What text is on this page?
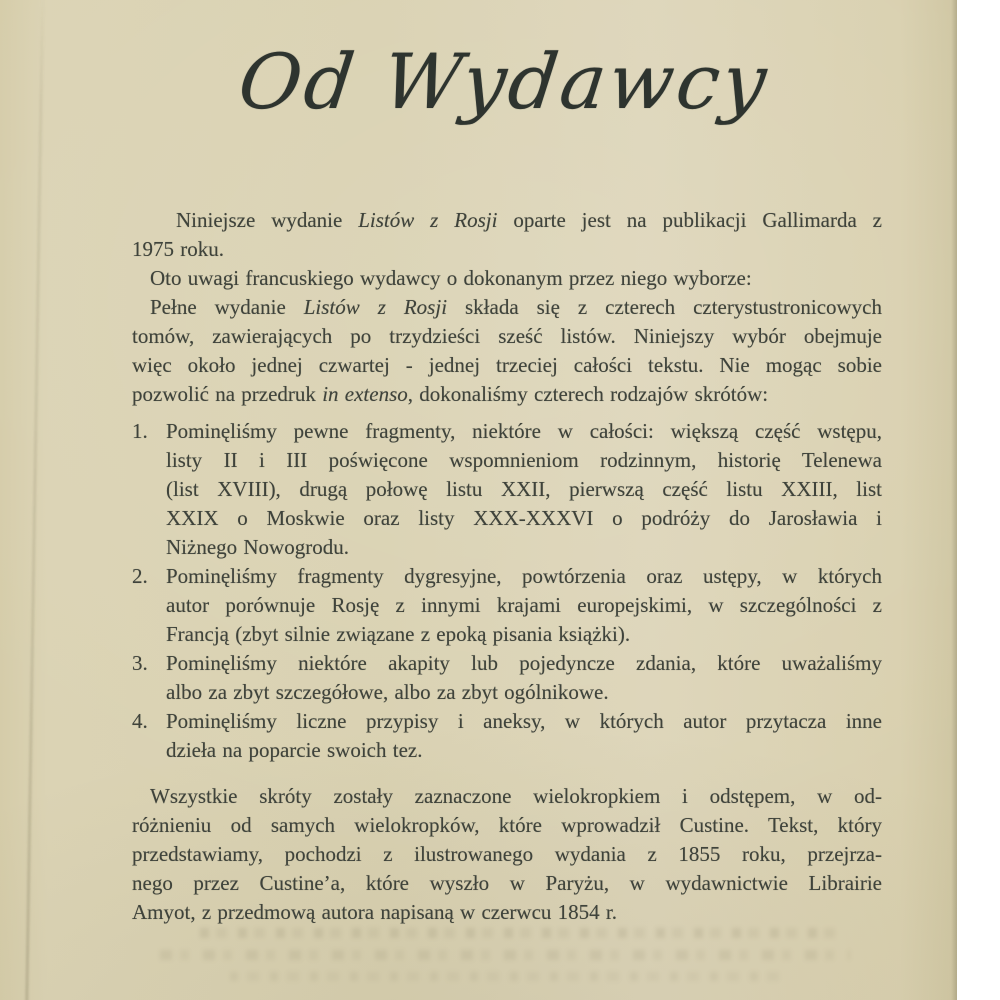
Od Wydawcy
Niniejsze wydanie Listów z Rosji oparte jest na publikacji Gallimarda z
1975 roku.
Oto uwagi francuskiego wydawcy o dokonanym przez niego wyborze:
Pełne wydanie Listów z Rosji składa się z czterech czterystustronicowych
tomów, zawierających po trzydzieści sześć listów. Niniejszy wybór obejmuje
więc około jednej czwartej - jednej trzeciej całości tekstu. Nie mogąc sobie
pozwolić na przedruk in extenso, dokonaliśmy czterech rodzajów skrótów:
1. Pominęliśmy pewne fragmenty, niektóre w całości: większą część wstępu,
listy II i III poświęcone wspomnieniom rodzinnym, historię Telenewa
(list XVIII), drugą połowę listu XXII, pierwszą część listu XXIII, list
XXIX o Moskwie oraz listy XXX-XXXVI o podróży do Jarosławia i
Niżnego Nowogrodu.
2. Pominęliśmy fragmenty dygresyjne, powtórzenia oraz ustępy, w których
autor porównuje Rosję z innymi krajami europejskimi, w szczególności z
Francją (zbyt silnie związane z epoką pisania książki).
3. Pominęliśmy niektóre akapity lub pojedyncze zdania, które uważaliśmy
albo za zbyt szczegółowe, albo za zbyt ogólnikowe.
4. Pominęliśmy liczne przypisy i aneksy, w których autor przytacza inne
dzieła na poparcie swoich tez.
Wszystkie skróty zostały zaznaczone wielokropkiem i odstępem, w od-
różnieniu od samych wielokropków, które wprowadził Custine. Tekst, który
przedstawiamy, pochodzi z ilustrowanego wydania z 1855 roku, przejrza-
nego przez Custine’a, które wyszło w Paryżu, w wydawnictwie Librairie
Amyot, z przedmową autora napisaną w czerwcu 1854 r.
